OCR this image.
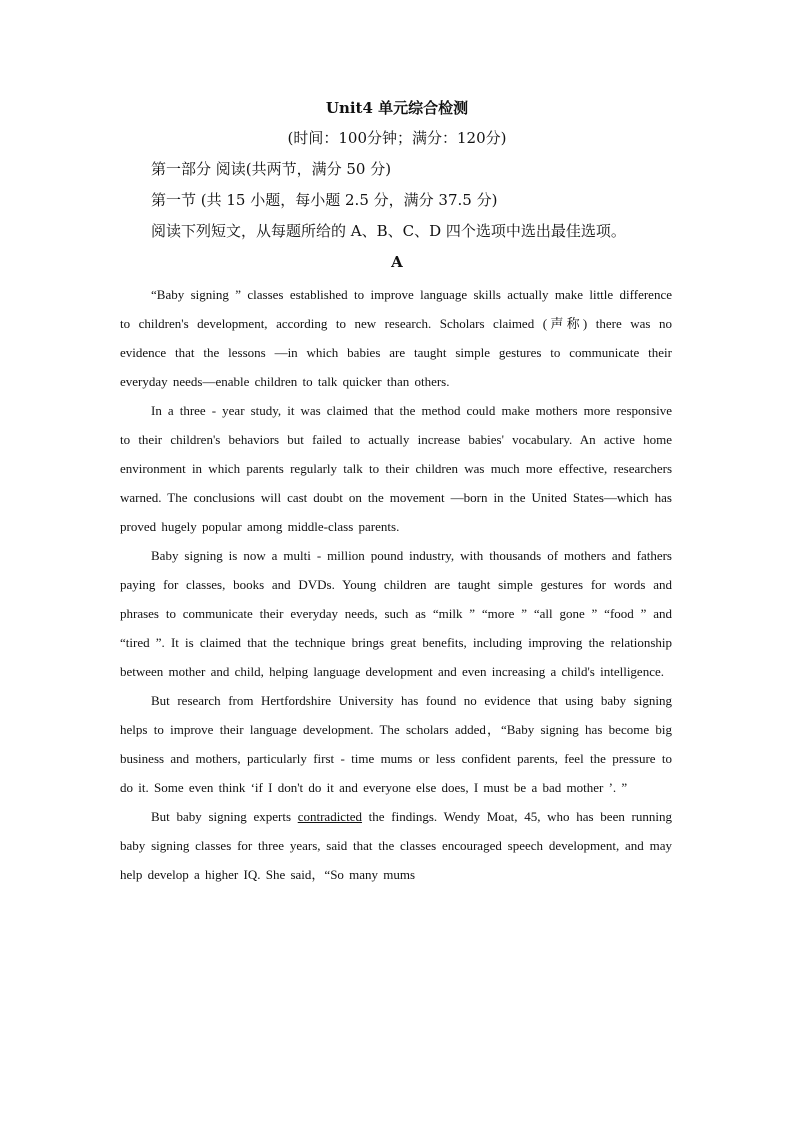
Unit4 单元综合检测
(时间：100分钟；满分：120分)
第一部分 阅读(共两节，满分 50 分)
第一节 (共 15 小题，每小题 2.5 分，满分 37.5 分)
阅读下列短文，从每题所给的 A、B、C、D 四个选项中选出最佳选项。
A

“Baby signing ” classes established to improve language skills actually make little difference to children's development, according to new research. Scholars claimed (声称) there was no evidence that the lessons —in which babies are taught simple gestures to communicate their everyday needs—enable children to talk quicker than others.

In a three - year study, it was claimed that the method could make mothers more responsive to their children's behaviors but failed to actually increase babies' vocabulary. An active home environment in which parents regularly talk to their children was much more effective, researchers warned. The conclusions will cast doubt on the movement —born in the United States—which has proved hugely popular among middle-class parents.

Baby signing is now a multi - million pound industry, with thousands of mothers and fathers paying for classes, books and DVDs. Young children are taught simple gestures for words and phrases to communicate their everyday needs, such as “milk ” “more ” “all gone ” “food ” and “tired ”. It is claimed that the technique brings great benefits, including improving the relationship between mother and child, helping language development and even increasing a child's intelligence.

But research from Hertfordshire University has found no evidence that using baby signing helps to improve their language development. The scholars added，“Baby signing has become big business and mothers, particularly first - time mums or less confident parents, feel the pressure to do it. Some even think ‘if I don't do it and everyone else does, I must be a bad mother ’. ”

But baby signing experts contradicted the findings. Wendy Moat, 45, who has been running baby signing classes for three years, said that the classes encouraged speech development, and may help develop a higher IQ. She said，“So many mums
